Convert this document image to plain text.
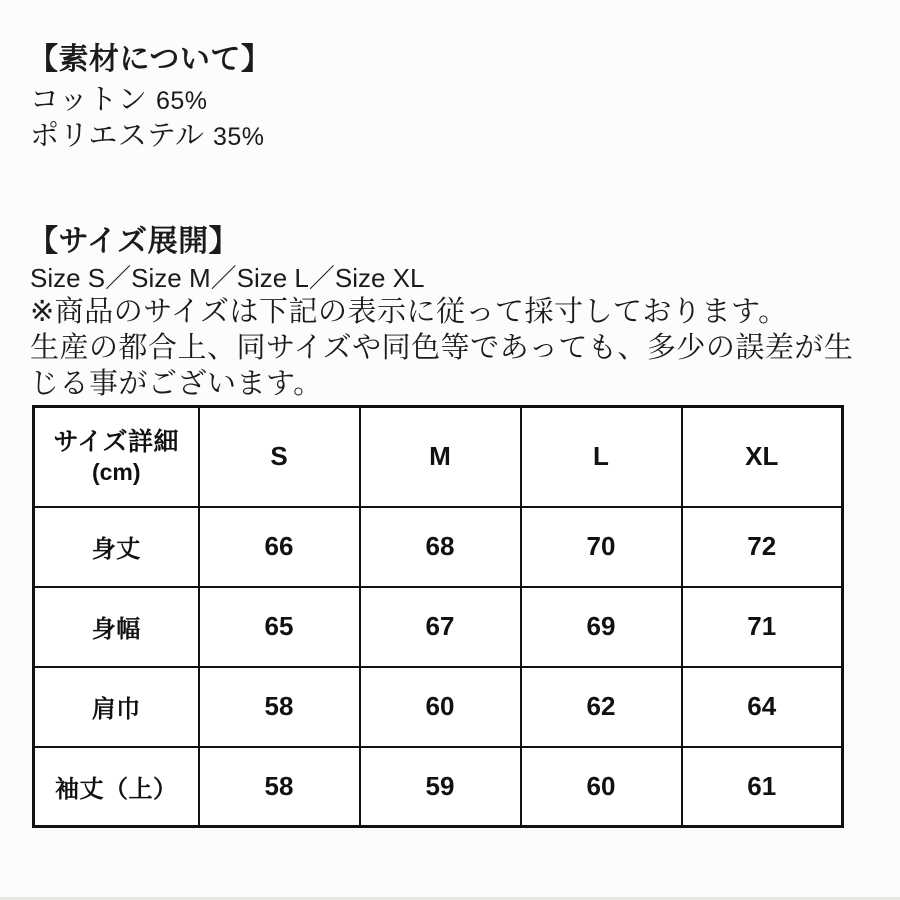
【素材について】
コットン 65%
ポリエステル 35%
【サイズ展開】
Size S／Size M／Size L／Size XL
※商品のサイズは下記の表示に従って採寸しております。
生産の都合上、同サイズや同色等であっても、多少の誤差が生
じる事がございます。
サイズ詳細
(cm)	S	M	L	XL
身丈	66	68	70	72
身幅	65	67	69	71
肩巾	58	60	62	64
袖丈（上）	58	59	60	61
